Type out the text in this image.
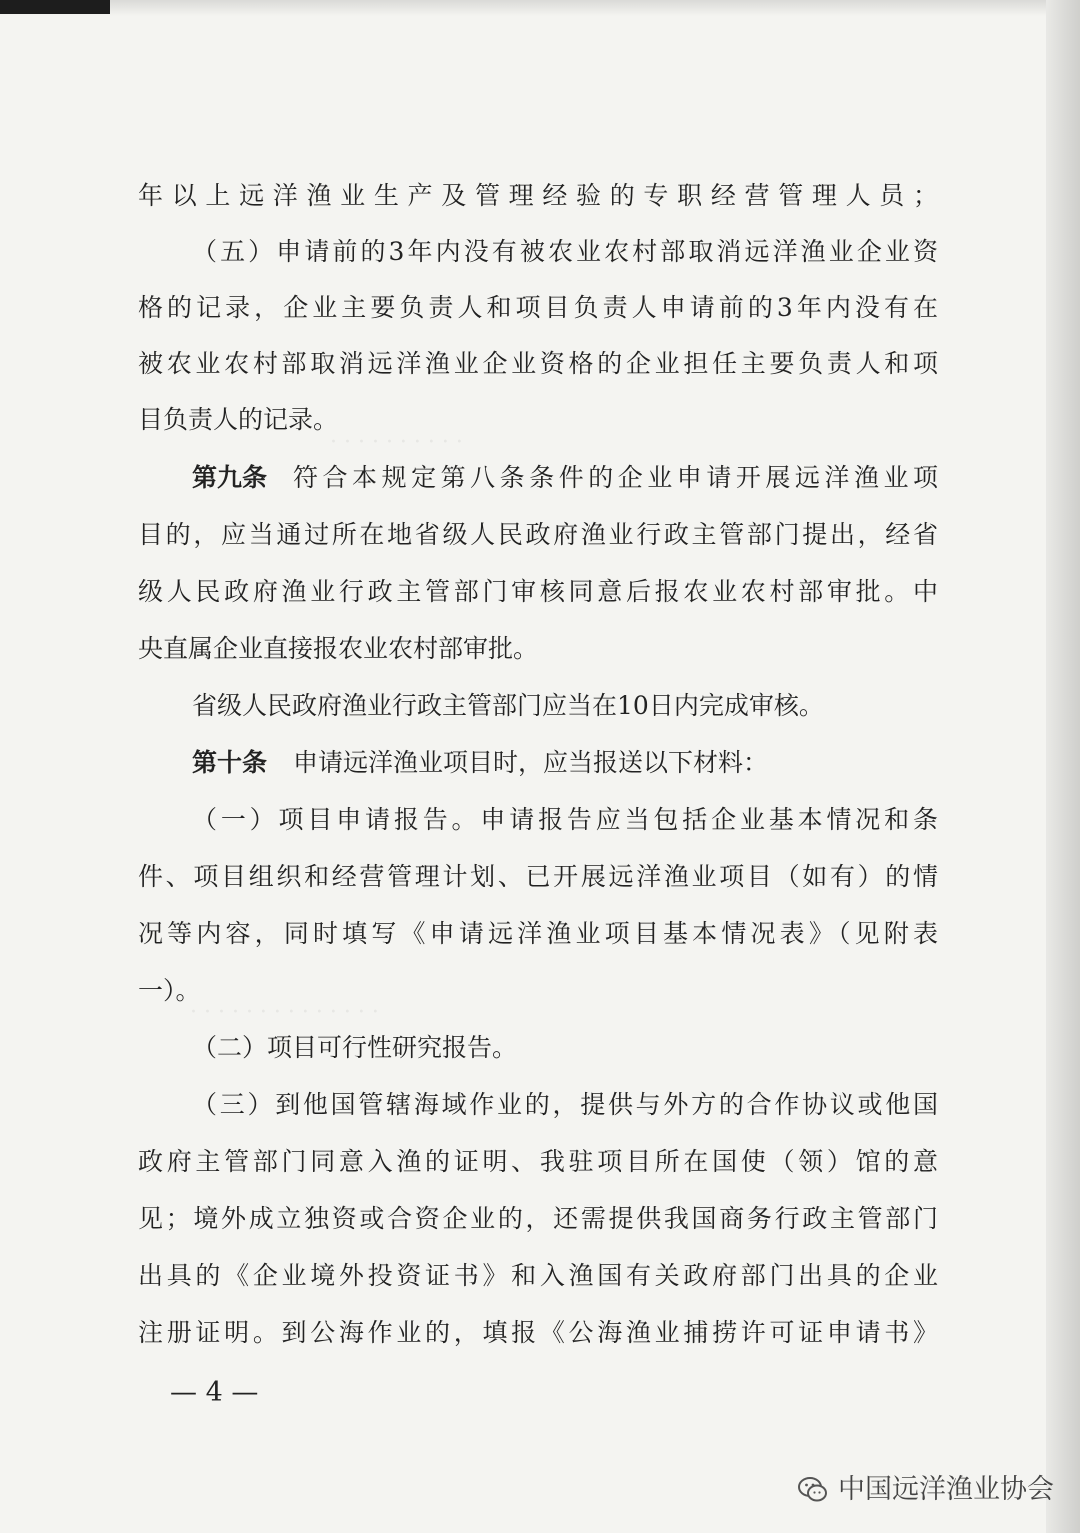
· · · · · · · · · ·
· · · · · · · · · · · · · ·
年以上远洋渔业生产及管理经验的专职经营管理人员；
（五）申请前的3年内没有被农业农村部取消远洋渔业企业资
格的记录，企业主要负责人和项目负责人申请前的3年内没有在
被农业农村部取消远洋渔业企业资格的企业担任主要负责人和项
目负责人的记录。
第九条 符合本规定第八条条件的企业申请开展远洋渔业项
目的，应当通过所在地省级人民政府渔业行政主管部门提出，经省
级人民政府渔业行政主管部门审核同意后报农业农村部审批。中
央直属企业直接报农业农村部审批。
省级人民政府渔业行政主管部门应当在10日内完成审核。
第十条 申请远洋渔业项目时，应当报送以下材料：
（一）项目申请报告。申请报告应当包括企业基本情况和条
件、项目组织和经营管理计划、已开展远洋渔业项目（如有）的情
况等内容，同时填写《申请远洋渔业项目基本情况表》（见附表
一）。
（二）项目可行性研究报告。
（三）到他国管辖海域作业的，提供与外方的合作协议或他国
政府主管部门同意入渔的证明、我驻项目所在国使（领）馆的意
见；境外成立独资或合资企业的，还需提供我国商务行政主管部门
出具的《企业境外投资证书》和入渔国有关政府部门出具的企业
注册证明。到公海作业的，填报《公海渔业捕捞许可证申请书》
— 4 —
中国远洋渔业协会
